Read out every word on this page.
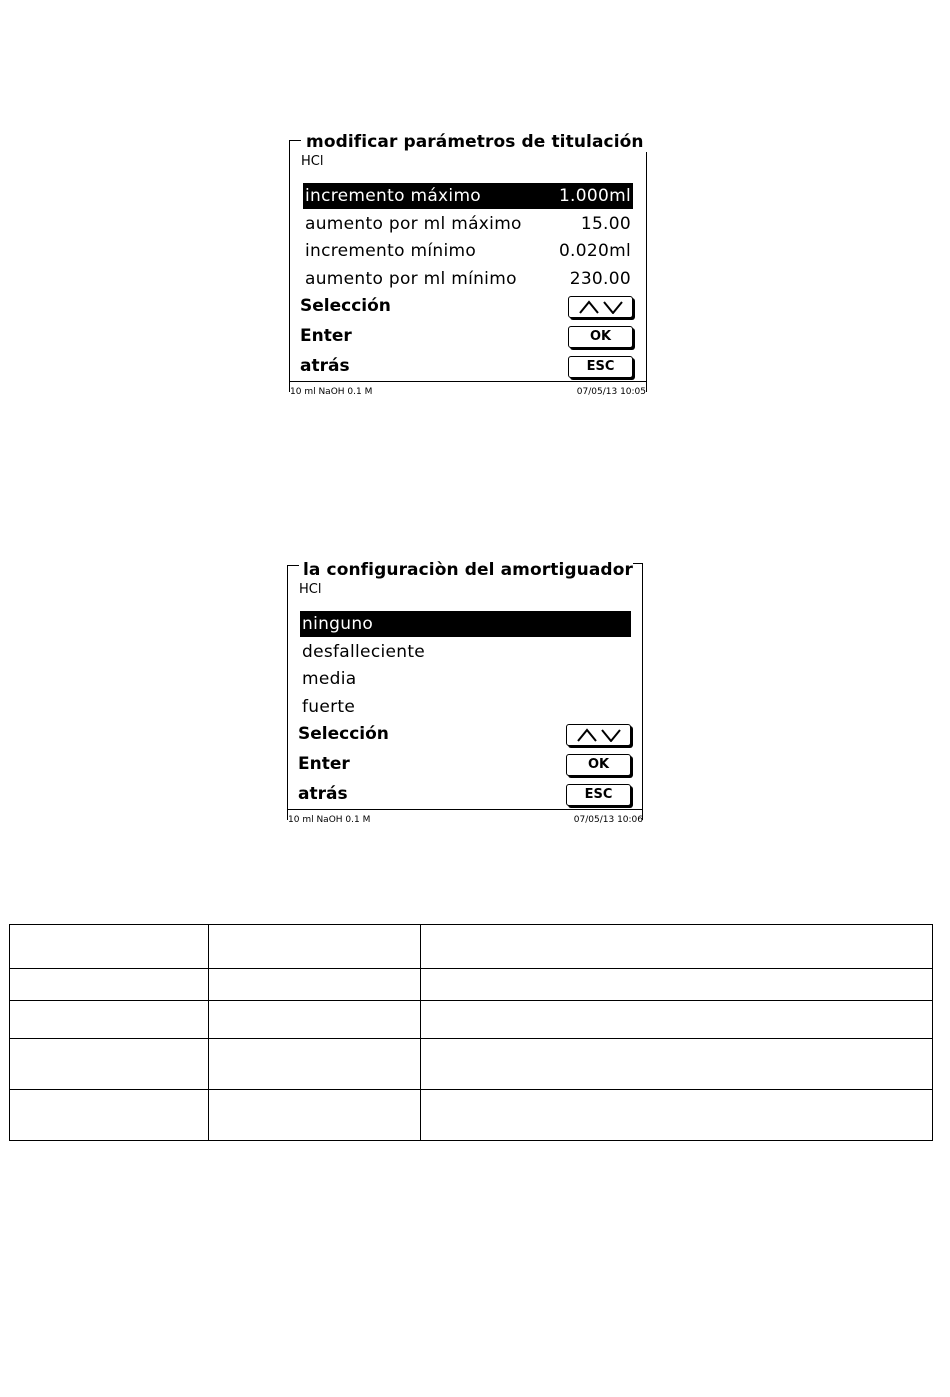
modificar parámetros de titulación
HCl
incremento máximo	1.000ml
aumento por ml máximo	15.00
incremento mínimo	0.020ml
aumento por ml mínimo	230.00
Selección
Enter	OK
atrás	ESC
10 ml NaOH 0.1 M	07/05/13 10:05
la configuraciòn del amortiguador
HCl
ninguno
desfalleciente
media
fuerte
Selección
Enter	OK
atrás	ESC
10 ml NaOH 0.1 M	07/05/13 10:06
